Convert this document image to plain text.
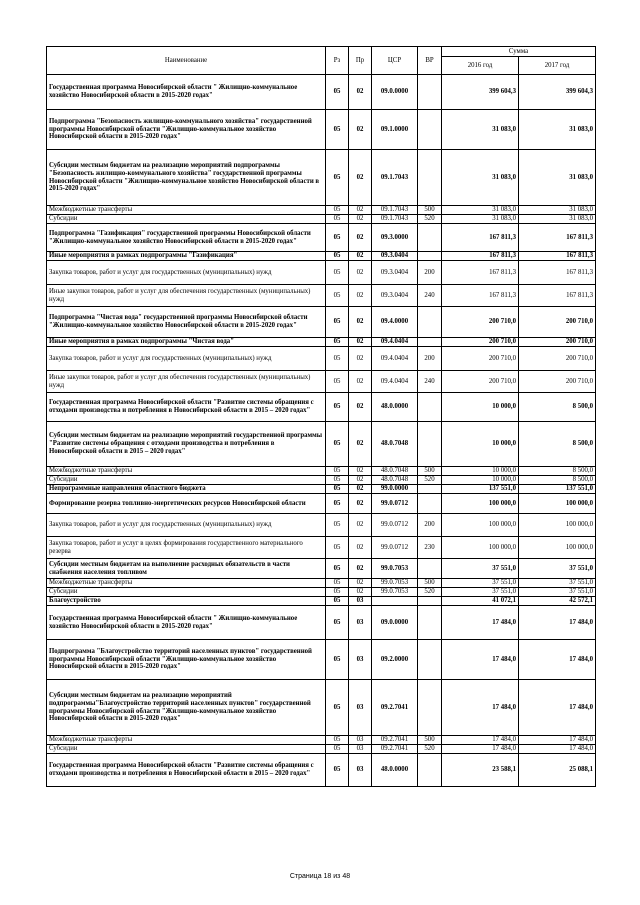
Наименование	Рз	Пр	ЦСР	ВР	Сумма	
					2016 год	2017 год
Государственная программа Новосибирской области " Жилищно-коммунальное хозяйство Новосибирской области в 2015-2020 годах"	05	02	09.0.0000		399 604,3	399 604,3
Подпрограмма "Безопасность жилищно-коммунального хозяйства" государственной программы Новосибирской области "Жилищно-коммунальное хозяйство Новосибирской области в 2015-2020 годах"	05	02	09.1.0000		31 083,0	31 083,0
Субсидии местным бюджетам на реализацию мероприятий подпрограммы "Безопасность жилищно-коммунального хозяйства" государственной программы Новосибирской области "Жилищно-коммунальное хозяйство Новосибирской области в 2015-2020 годах"	05	02	09.1.7043		31 083,0	31 083,0
Межбюджетные трансферты	05	02	09.1.7043	500	31 083,0	31 083,0
Субсидии	05	02	09.1.7043	520	31 083,0	31 083,0
Подпрограмма "Газификация" государственной программы Новосибирской области "Жилищно-коммунальное хозяйство Новосибирской области в 2015-2020 годах"	05	02	09.3.0000		167 811,3	167 811,3
Иные мероприятия в рамках подпрограммы "Газификация"	05	02	09.3.0404		167 811,3	167 811,3
Закупка товаров, работ и услуг для государственных (муниципальных) нужд	05	02	09.3.0404	200	167 811,3	167 811,3
Иные закупки товаров, работ и услуг для обеспечения государственных (муниципальных) нужд	05	02	09.3.0404	240	167 811,3	167 811,3
Подпрограмма "Чистая вода" государственной программы Новосибирской области "Жилищно-коммунальное хозяйство Новосибирской области в 2015-2020 годах"	05	02	09.4.0000		200 710,0	200 710,0
Иные мероприятия в рамках подпрограммы "Чистая вода"	05	02	09.4.0404		200 710,0	200 710,0
Закупка товаров, работ и услуг для государственных (муниципальных) нужд	05	02	09.4.0404	200	200 710,0	200 710,0
Иные закупки товаров, работ и услуг для обеспечения государственных (муниципальных) нужд	05	02	09.4.0404	240	200 710,0	200 710,0
Государственная программа Новосибирской области "Развитие системы обращения с отходами производства и потребления в Новосибирской области в 2015 – 2020 годах"	05	02	48.0.0000		10 000,0	8 500,0
Субсидии местным бюджетам на реализацию мероприятий государственной программы "Развитие системы обращения с отходами производства и потребления в Новосибирской области в 2015 – 2020 годах"	05	02	48.0.7048		10 000,0	8 500,0
Межбюджетные трансферты	05	02	48.0.7048	500	10 000,0	8 500,0
Субсидии	05	02	48.0.7048	520	10 000,0	8 500,0
Непрограммные направления областного бюджета	05	02	99.0.0000		137 551,0	137 551,0
Формирование резерва топливно-энергетических ресурсов Новосибирской области	05	02	99.0.0712		100 000,0	100 000,0
Закупка товаров, работ и услуг для государственных (муниципальных) нужд	05	02	99.0.0712	200	100 000,0	100 000,0
Закупка товаров, работ и услуг в целях формирования государственного материального резерва	05	02	99.0.0712	230	100 000,0	100 000,0
Субсидии местным бюджетам на выполнение расходных обязательств в части снабжения населения топливом	05	02	99.0.7053		37 551,0	37 551,0
Межбюджетные трансферты	05	02	99.0.7053	500	37 551,0	37 551,0
Субсидии	05	02	99.0.7053	520	37 551,0	37 551,0
Благоустройство	05	03			41 072,1	42 572,1
Государственная программа Новосибирской области " Жилищно-коммунальное хозяйство Новосибирской области в 2015-2020 годах"	05	03	09.0.0000		17 484,0	17 484,0
Подпрограмма "Благоустройство территорий населенных пунктов" государственной программы Новосибирской области "Жилищно-коммунальное хозяйство Новосибирской области в 2015-2020 годах"	05	03	09.2.0000		17 484,0	17 484,0
Субсидии местным бюджетам на реализацию мероприятий подпрограммы"Благоустройство территорий населенных пунктов" государственной программы Новосибирской области "Жилищно-коммунальное хозяйство Новосибирской области в 2015-2020 годах"	05	03	09.2.7041		17 484,0	17 484,0
Межбюджетные трансферты	05	03	09.2.7041	500	17 484,0	17 484,0
Субсидии	05	03	09.2.7041	520	17 484,0	17 484,0
Государственная программа Новосибирской области "Развитие системы обращения с отходами производства и потребления в Новосибирской области в 2015 – 2020 годах"	05	03	48.0.0000		23 588,1	25 088,1
Страница 18 из 48
